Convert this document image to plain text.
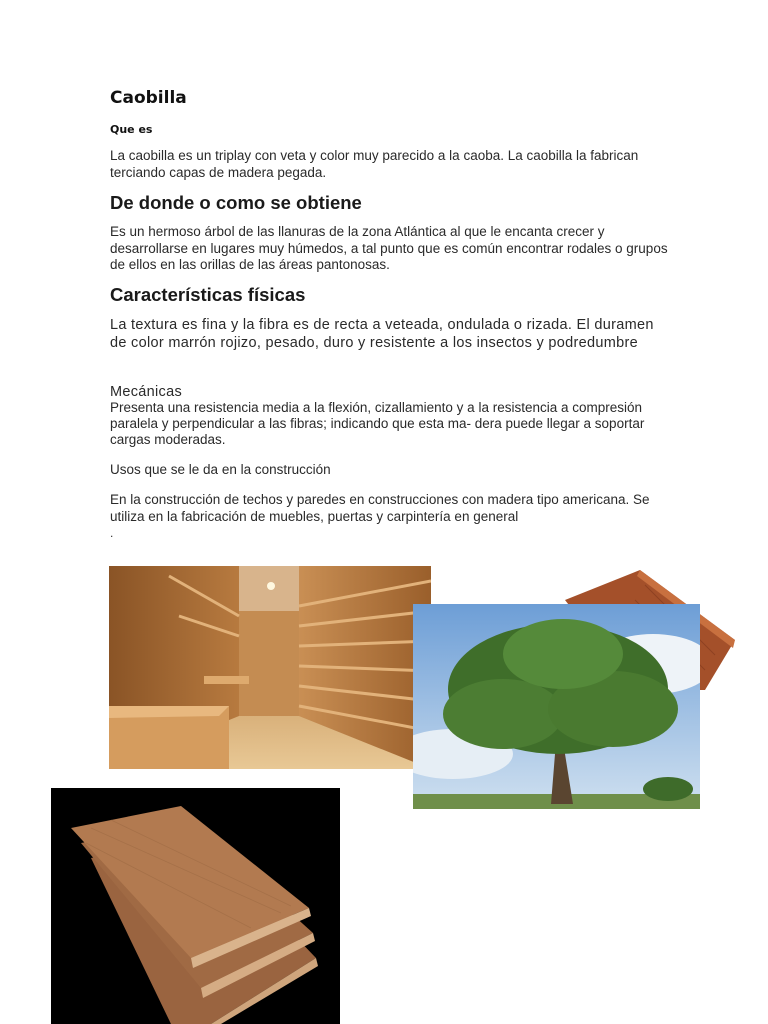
Caobilla
Que es
La caobilla es un triplay con veta y color muy parecido a la caoba. La caobilla la fabrican terciando capas de madera pegada.
De donde o como se obtiene
Es un hermoso árbol de las llanuras de la zona Atlántica al que le encanta crecer y desarrollarse en lugares muy húmedos, a tal punto que es común encontrar rodales o grupos de ellos en las orillas de las áreas pantonosas.
Características físicas
La textura es fina y la fibra es de recta a veteada, ondulada o rizada. El duramen de color marrón rojizo, pesado, duro y resistente a los insectos y podredumbre
Mecánicas
Presenta una resistencia media a la flexión, cizallamiento y a la resistencia a compresión paralela y perpendicular a las fibras; indicando que esta ma- dera puede llegar a soportar cargas moderadas.
Usos que se le da en la construcción
En la construcción de techos y paredes en construcciones con madera tipo americana. Se utiliza en la fabricación de muebles, puertas y carpintería en general
.
